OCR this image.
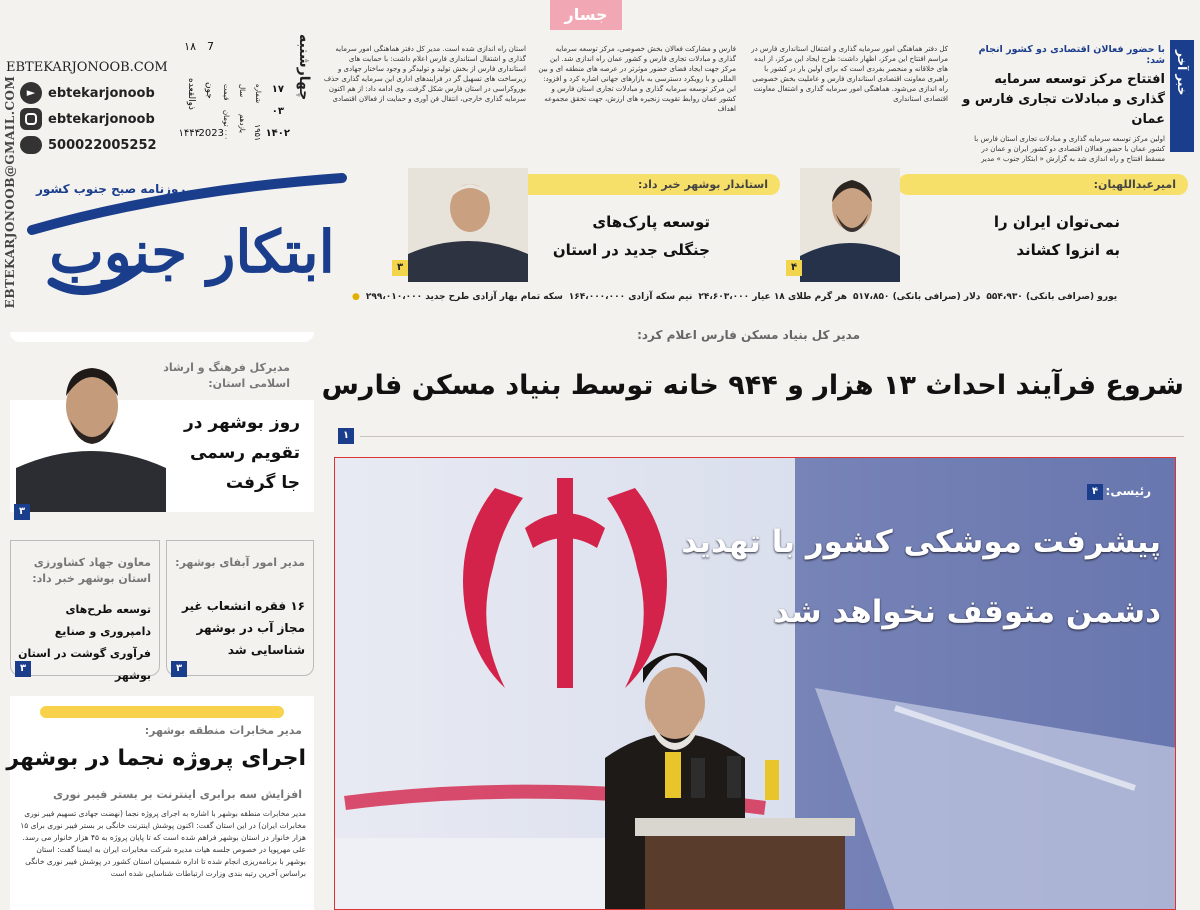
EBTEKARJONOOB@GMAIL.COM
EBTEKARJONOOB.COM
► ebtekarjonoob
ebtekarjonoob
500022005252
چهارشنبه
۱۷
۰۳
۱۴۰۲
شماره
۱۹۵۱
سال
یازدهم
قیمت
۰۰۰ تومان
7
جون
2023
۱۸
ذوالقعده
۱۴۴۴
روزنامه صبح جنوب کشور
ابتکار جنوب
خبر آخر
با حضور فعالان اقتصادی دو کشور انجام شد:
افتتاح مرکز توسعه سرمایه گذاری و مبادلات تجاری فارس و عمان
اولین مرکز توسعه سرمایه گذاری و مبادلات تجاری استان فارس با کشور عمان با حضور فعالان اقتصادی دو کشور ایران و عمان در مسقط افتتاح و راه اندازی شد به گزارش « ابتکار جنوب » مدیر
کل دفتر هماهنگی امور سرمایه گذاری و اشتغال استانداری فارس در مراسم افتتاح این مرکز، اظهار داشت: طرح ایجاد این مرکز، از ایده های خلاقانه و منحصر بفردی است که برای اولین بار در کشور با راهبری معاونت اقتصادی استانداری فارس و عاملیت بخش خصوصی راه اندازی می‌شود. هماهنگی امور سرمایه گذاری و اشتغال معاونت اقتصادی استانداری
فارس و مشارکت فعالان بخش خصوصی، مرکز توسعه سرمایه گذاری و مبادلات تجاری فارس و کشور عمان راه اندازی شد. این مرکز جهت ایجاد فضای حضور موثرتر در عرصه های منطقه ای و بین المللی و با رویکرد دسترسی به بازارهای جهانی اشاره کرد و افزود: این مرکز توسعه سرمایه گذاری و مبادلات تجاری استان فارس و کشور عمان روابط تقویت زنجیره های ارزش، جهت تحقق مجموعه اهداف
استان راه اندازی شده است. مدیر کل دفتر هماهنگی امور سرمایه گذاری و اشتغال استانداری فارس اعلام داشت: با حمایت های استانداری فارس از بخش تولید و تولیدگر و وجود ساختار جهادی و زیرساخت های تسهیل گر در فرایندهای اداری این سرمایه گذاری حذف بوروکراسی در استان فارس شکل گرفت. وی ادامه داد: از هم اکنون سرمایه گذاری خارجی، انتقال فن آوری و حمایت از فعالان اقتصادی
جسار
امیرعبداللهیان:
نمی‌توان ایران را به انزوا کشاند
۴
استاندار بوشهر خبر داد:
توسعه پارک‌های جنگلی جدید در استان
۳
● سکه تمام بهار آزادی طرح جدید ۲۹۹،۰۱۰،۰۰۰ نیم سکه آزادی ۱۶۴،۰۰۰،۰۰۰ هر گرم طلای ۱۸ عیار ۲۴،۶۰۳،۰۰۰ دلار (صرافی بانکی) ۵۱۷،۸۵۰ یورو (صرافی بانکی) ۵۵۴،۹۳۰
مدیر کل بنیاد مسکن فارس اعلام کرد:
شروع فرآیند احداث ۱۳ هزار و ۹۴۴ خانه توسط بنیاد مسکن فارس
۱
۴ رئیسی:
پیشرفت موشکی کشور با تهدید
دشمن متوقف نخواهد شد
مدیرکل فرهنگ و ارشاد اسلامی استان:
روز بوشهر در تقویم رسمی جا گرفت
۳
مدیر امور آبفای بوشهر:
۱۶ فقره انشعاب غیر مجاز آب در بوشهر شناسایی شد
۳
معاون جهاد کشاورزی استان بوشهر خبر داد:
توسعه طرح‌های دامپروری و صنایع فرآوری گوشت در استان بوشهر
۳
مدیر مخابرات منطقه بوشهر:
اجرای پروژه نجما در بوشهر
افزایش سه برابری اینترنت بر بستر فیبر نوری
مدیر مخابرات منطقه بوشهر با اشاره به اجرای پروژه نجما (نهضت جهادی تسهیم فیبر نوری مخابرات ایران) در این استان گفت: اکنون پوشش اینترنت خانگی بر بستر فیبر نوری برای ۱۵ هزار خانوار در استان بوشهر فراهم شده است که تا پایان پروژه به ۴۵ هزار خانوار می رسد. علی مهرپویا در خصوص جلسه هیات مدیره شرکت مخابرات ایران به ایسنا گفت: استان بوشهر با برنامه‌ریزی انجام شده تا اداره شمسیان استان کشور در پوشش فیبر نوری خانگی براساس آخرین رتبه بندی وزارت ارتباطات شناسایی شده است
